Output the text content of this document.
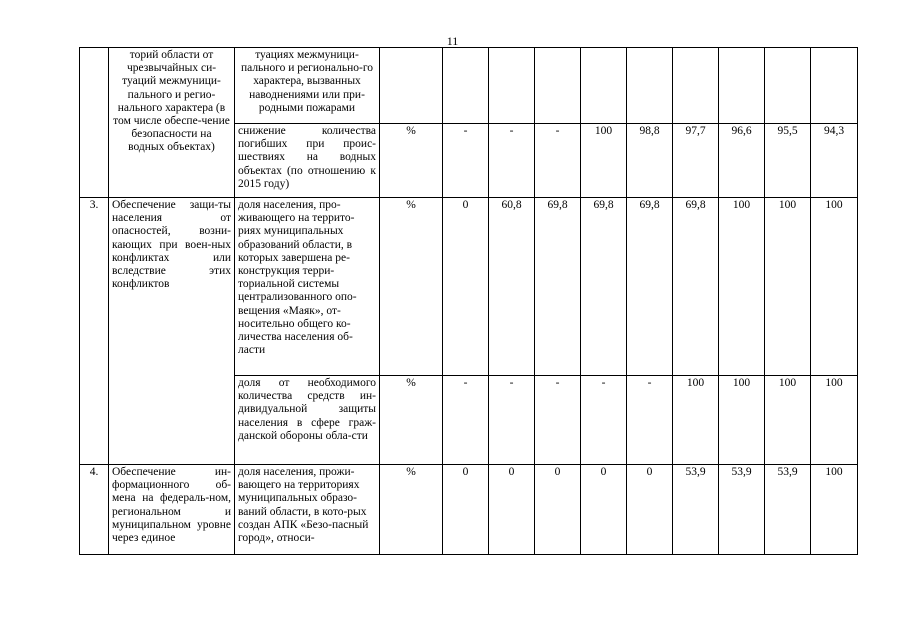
11
	торий области от чрезвычайных си-туаций межмуници-пального и регио-нального характера (в том числе обеспе-чение безопасности на водных объектах)	туациях межмуници-пального и регионально-го характера, вызванных наводнениями или при-родными пожарами										
		снижение количества погибших при проис-шествиях на водных объектах (по отношению к 2015 году)	%	-	-	-	100	98,8	97,7	96,6	95,5	94,3
3.	Обеспечение защи-ты населения от опасностей, возни-кающих при воен-ных конфликтах или вследствие этих конфликтов	доля населения, про-живающего на террито-риях муниципальных образований области, в которых завершена ре-конструкция терри-ториальной системы централизованного опо-вещения «Маяк», от-носительно общего ко-личества населения об-ласти	%	0	60,8	69,8	69,8	69,8	69,8	100	100	100
		доля от необходимого количества средств ин-дивидуальной защиты населения в сфере граж-данской обороны обла-сти	%	-	-	-	-	-	100	100	100	100
4.	Обеспечение ин-формационного об-мена на федераль-ном, региональном и муниципальном уровне через единое	доля населения, прожи-вающего на территориях муниципальных образо-ваний области, в кото-рых создан АПК «Безо-пасный город», относи-	%	0	0	0	0	0	53,9	53,9	53,9	100
